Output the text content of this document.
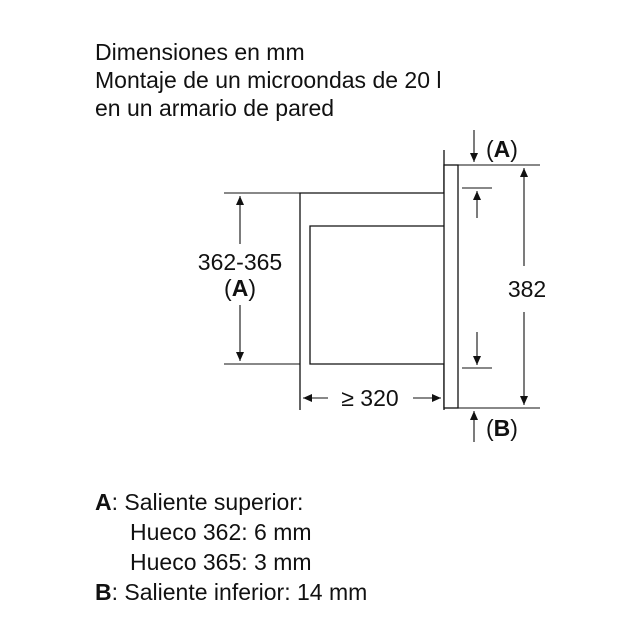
Dimensiones en mm
Montaje de un microondas de 20 l
en un armario de pared
362-365
(A)
≥ 320
382
(A)
(B)
A: Saliente superior:
Hueco 362: 6 mm
Hueco 365: 3 mm
B: Saliente inferior: 14 mm
